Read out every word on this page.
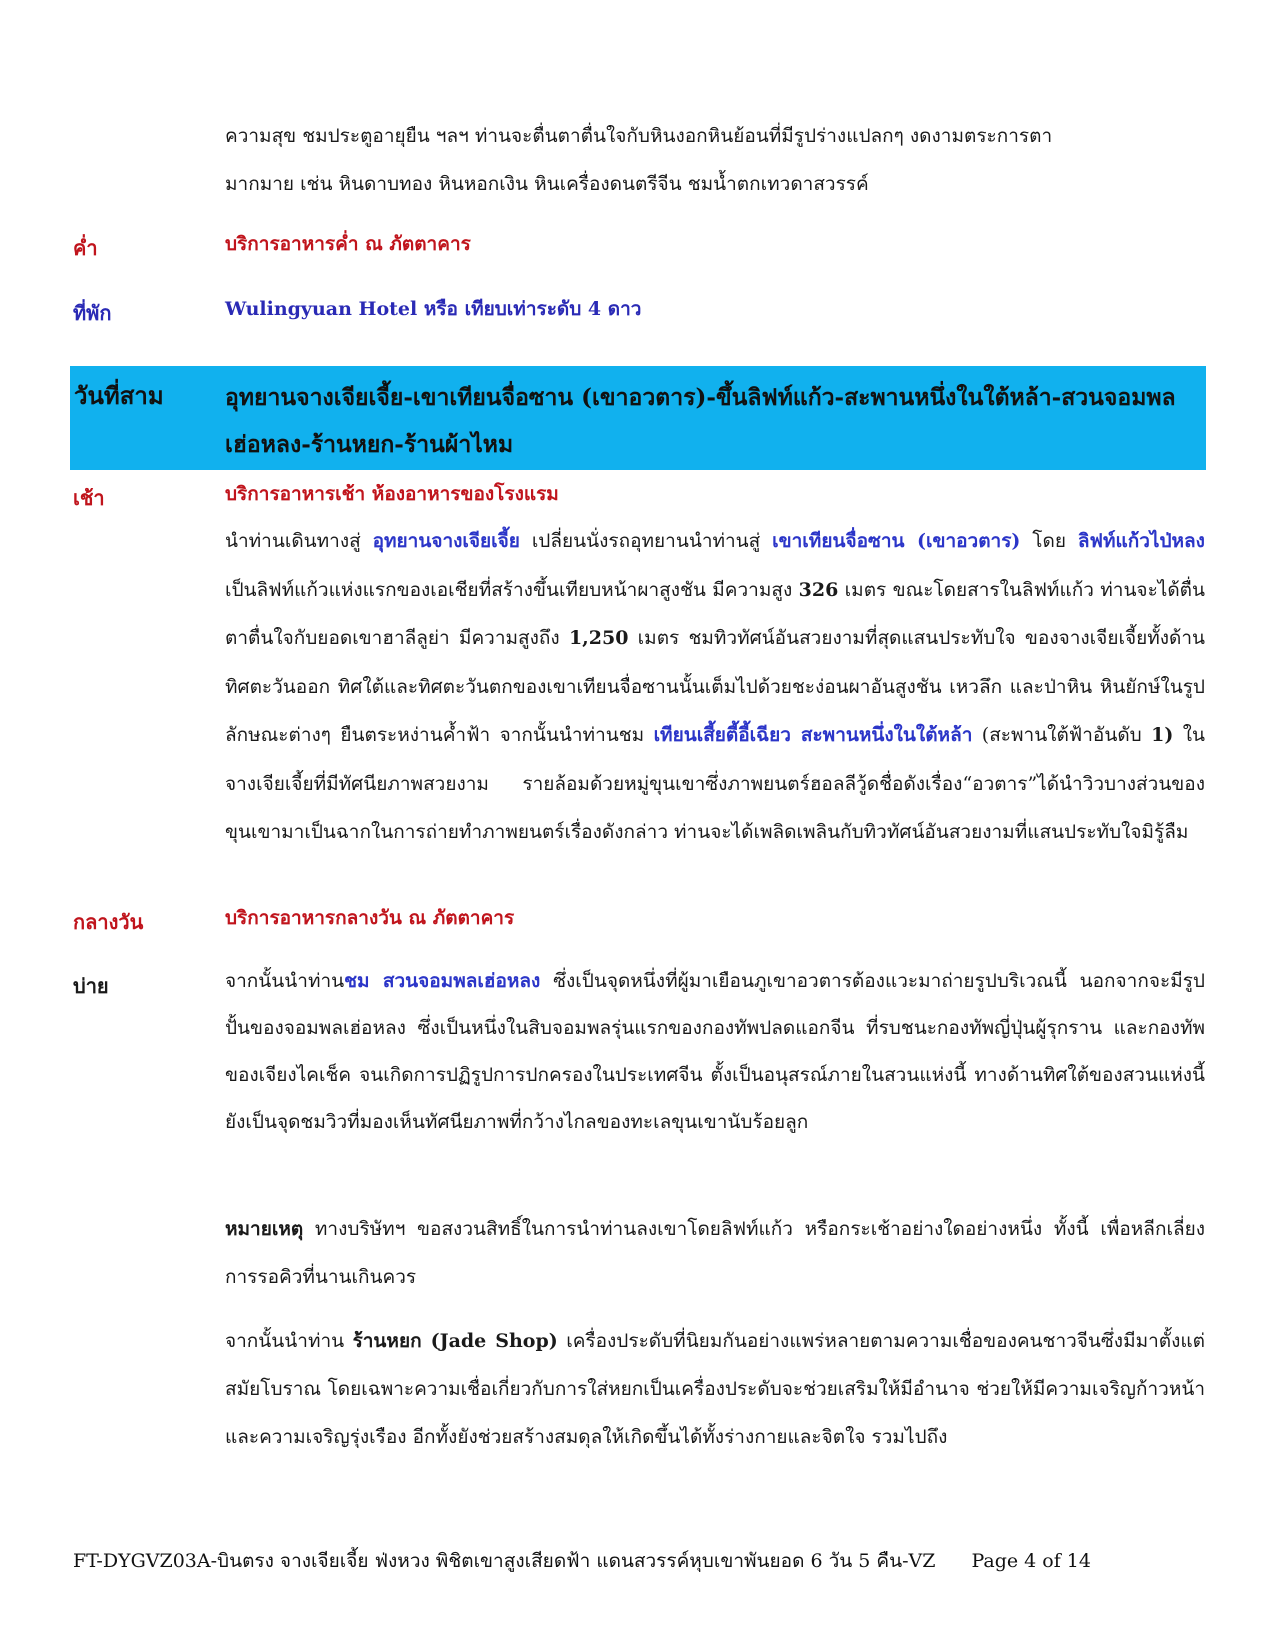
ความสุข ชมประตูอายุยืน ฯลฯ ท่านจะตื่นตาตื่นใจกับหินงอกหินย้อนที่มีรูปร่างแปลกๆ งดงามตระการตา
มากมาย เช่น หินดาบทอง หินหอกเงิน หินเครื่องดนตรีจีน ชมน้ำตกเทวดาสวรรค์
ค่ำ	บริการอาหารค่ำ ณ ภัตตาคาร
ที่พัก	Wulingyuan Hotel หรือ เทียบเท่าระดับ 4 ดาว
วันที่สาม	อุทยานจางเจียเจี้ย-เขาเทียนจื่อซาน (เขาอวตาร)-ขึ้นลิฟท์แก้ว-สะพานหนึ่งในใต้หล้า-สวนจอมพลเฮ่อหลง-ร้านหยก-ร้านผ้าไหม
เช้า	บริการอาหารเช้า ห้องอาหารของโรงแรม
นำท่านเดินทางสู่ อุทยานจางเจียเจี้ย เปลี่ยนนั่งรถอุทยานนำท่านสู่ เขาเทียนจื่อซาน (เขาอวตาร) โดย ลิฟท์แก้วไป่หลง เป็นลิฟท์แก้วแห่งแรกของเอเชียที่สร้างขึ้นเทียบหน้าผาสูงชัน มีความสูง 326 เมตร ขณะโดยสารในลิฟท์แก้ว ท่านจะได้ตื่นตาตื่นใจกับยอดเขาฮาลีลูย่า มีความสูงถึง 1,250 เมตร ชมทิวทัศน์อันสวยงามที่สุดแสนประทับใจ ของจางเจียเจี้ยทั้งด้านทิศตะวันออก ทิศใต้และทิศตะวันตกของเขาเทียนจื่อซานนั้นเต็มไปด้วยชะง่อนผาอันสูงชัน เหวลึก และป่าหิน หินยักษ์ในรูปลักษณะต่างๆ ยืนตระหง่านค้ำฟ้า จากนั้นนำท่านชม เทียนเสี้ยตี้อี้เฉียว สะพานหนึ่งในใต้หล้า (สะพานใต้ฟ้าอันดับ 1) ในจางเจียเจี้ยที่มีทัศนียภาพสวยงาม รายล้อมด้วยหมู่ขุนเขาซึ่งภาพยนตร์ฮอลลีวู้ดชื่อดังเรื่อง“อวตาร”ได้นำวิวบางส่วนของขุนเขามาเป็นฉากในการถ่ายทำภาพยนตร์เรื่องดังกล่าว ท่านจะได้เพลิดเพลินกับทิวทัศน์อันสวยงามที่แสนประทับใจมิรู้ลืม
กลางวัน	บริการอาหารกลางวัน ณ ภัตตาคาร
บ่าย	จากนั้นนำท่านชม สวนจอมพลเฮ่อหลง ซึ่งเป็นจุดหนึ่งที่ผู้มาเยือนภูเขาอวตารต้องแวะมาถ่ายรูปบริเวณนี้ นอกจากจะมีรูปปั้นของจอมพลเฮ่อหลง ซึ่งเป็นหนึ่งในสิบจอมพลรุ่นแรกของกองทัพปลดแอกจีน ที่รบชนะกองทัพญี่ปุ่นผู้รุกราน และกองทัพของเจียงไคเช็ค จนเกิดการปฏิรูปการปกครองในประเทศจีน ตั้งเป็นอนุสรณ์ภายในสวนแห่งนี้ ทางด้านทิศใต้ของสวนแห่งนี้ยังเป็นจุดชมวิวที่มองเห็นทัศนียภาพที่กว้างไกลของทะเลขุนเขานับร้อยลูก
หมายเหตุ ทางบริษัทฯ ขอสงวนสิทธิ์ในการนำท่านลงเขาโดยลิฟท์แก้ว หรือกระเช้าอย่างใดอย่างหนึ่ง ทั้งนี้ เพื่อหลีกเลี่ยงการรอคิวที่นานเกินควร
จากนั้นนำท่าน ร้านหยก (Jade Shop) เครื่องประดับที่นิยมกันอย่างแพร่หลายตามความเชื่อของคนชาวจีนซึ่งมีมาตั้งแต่สมัยโบราณ โดยเฉพาะความเชื่อเกี่ยวกับการใส่หยกเป็นเครื่องประดับจะช่วยเสริมให้มีอำนาจ ช่วยให้มีความเจริญก้าวหน้าและความเจริญรุ่งเรือง อีกทั้งยังช่วยสร้างสมดุลให้เกิดขึ้นได้ทั้งร่างกายและจิตใจ รวมไปถึง
FT-DYGVZ03A-บินตรง จางเจียเจี้ย ฟ่งหวง พิชิตเขาสูงเสียดฟ้า แดนสวรรค์หุบเขาพันยอด 6 วัน 5 คืน-VZ Page 4 of 14
